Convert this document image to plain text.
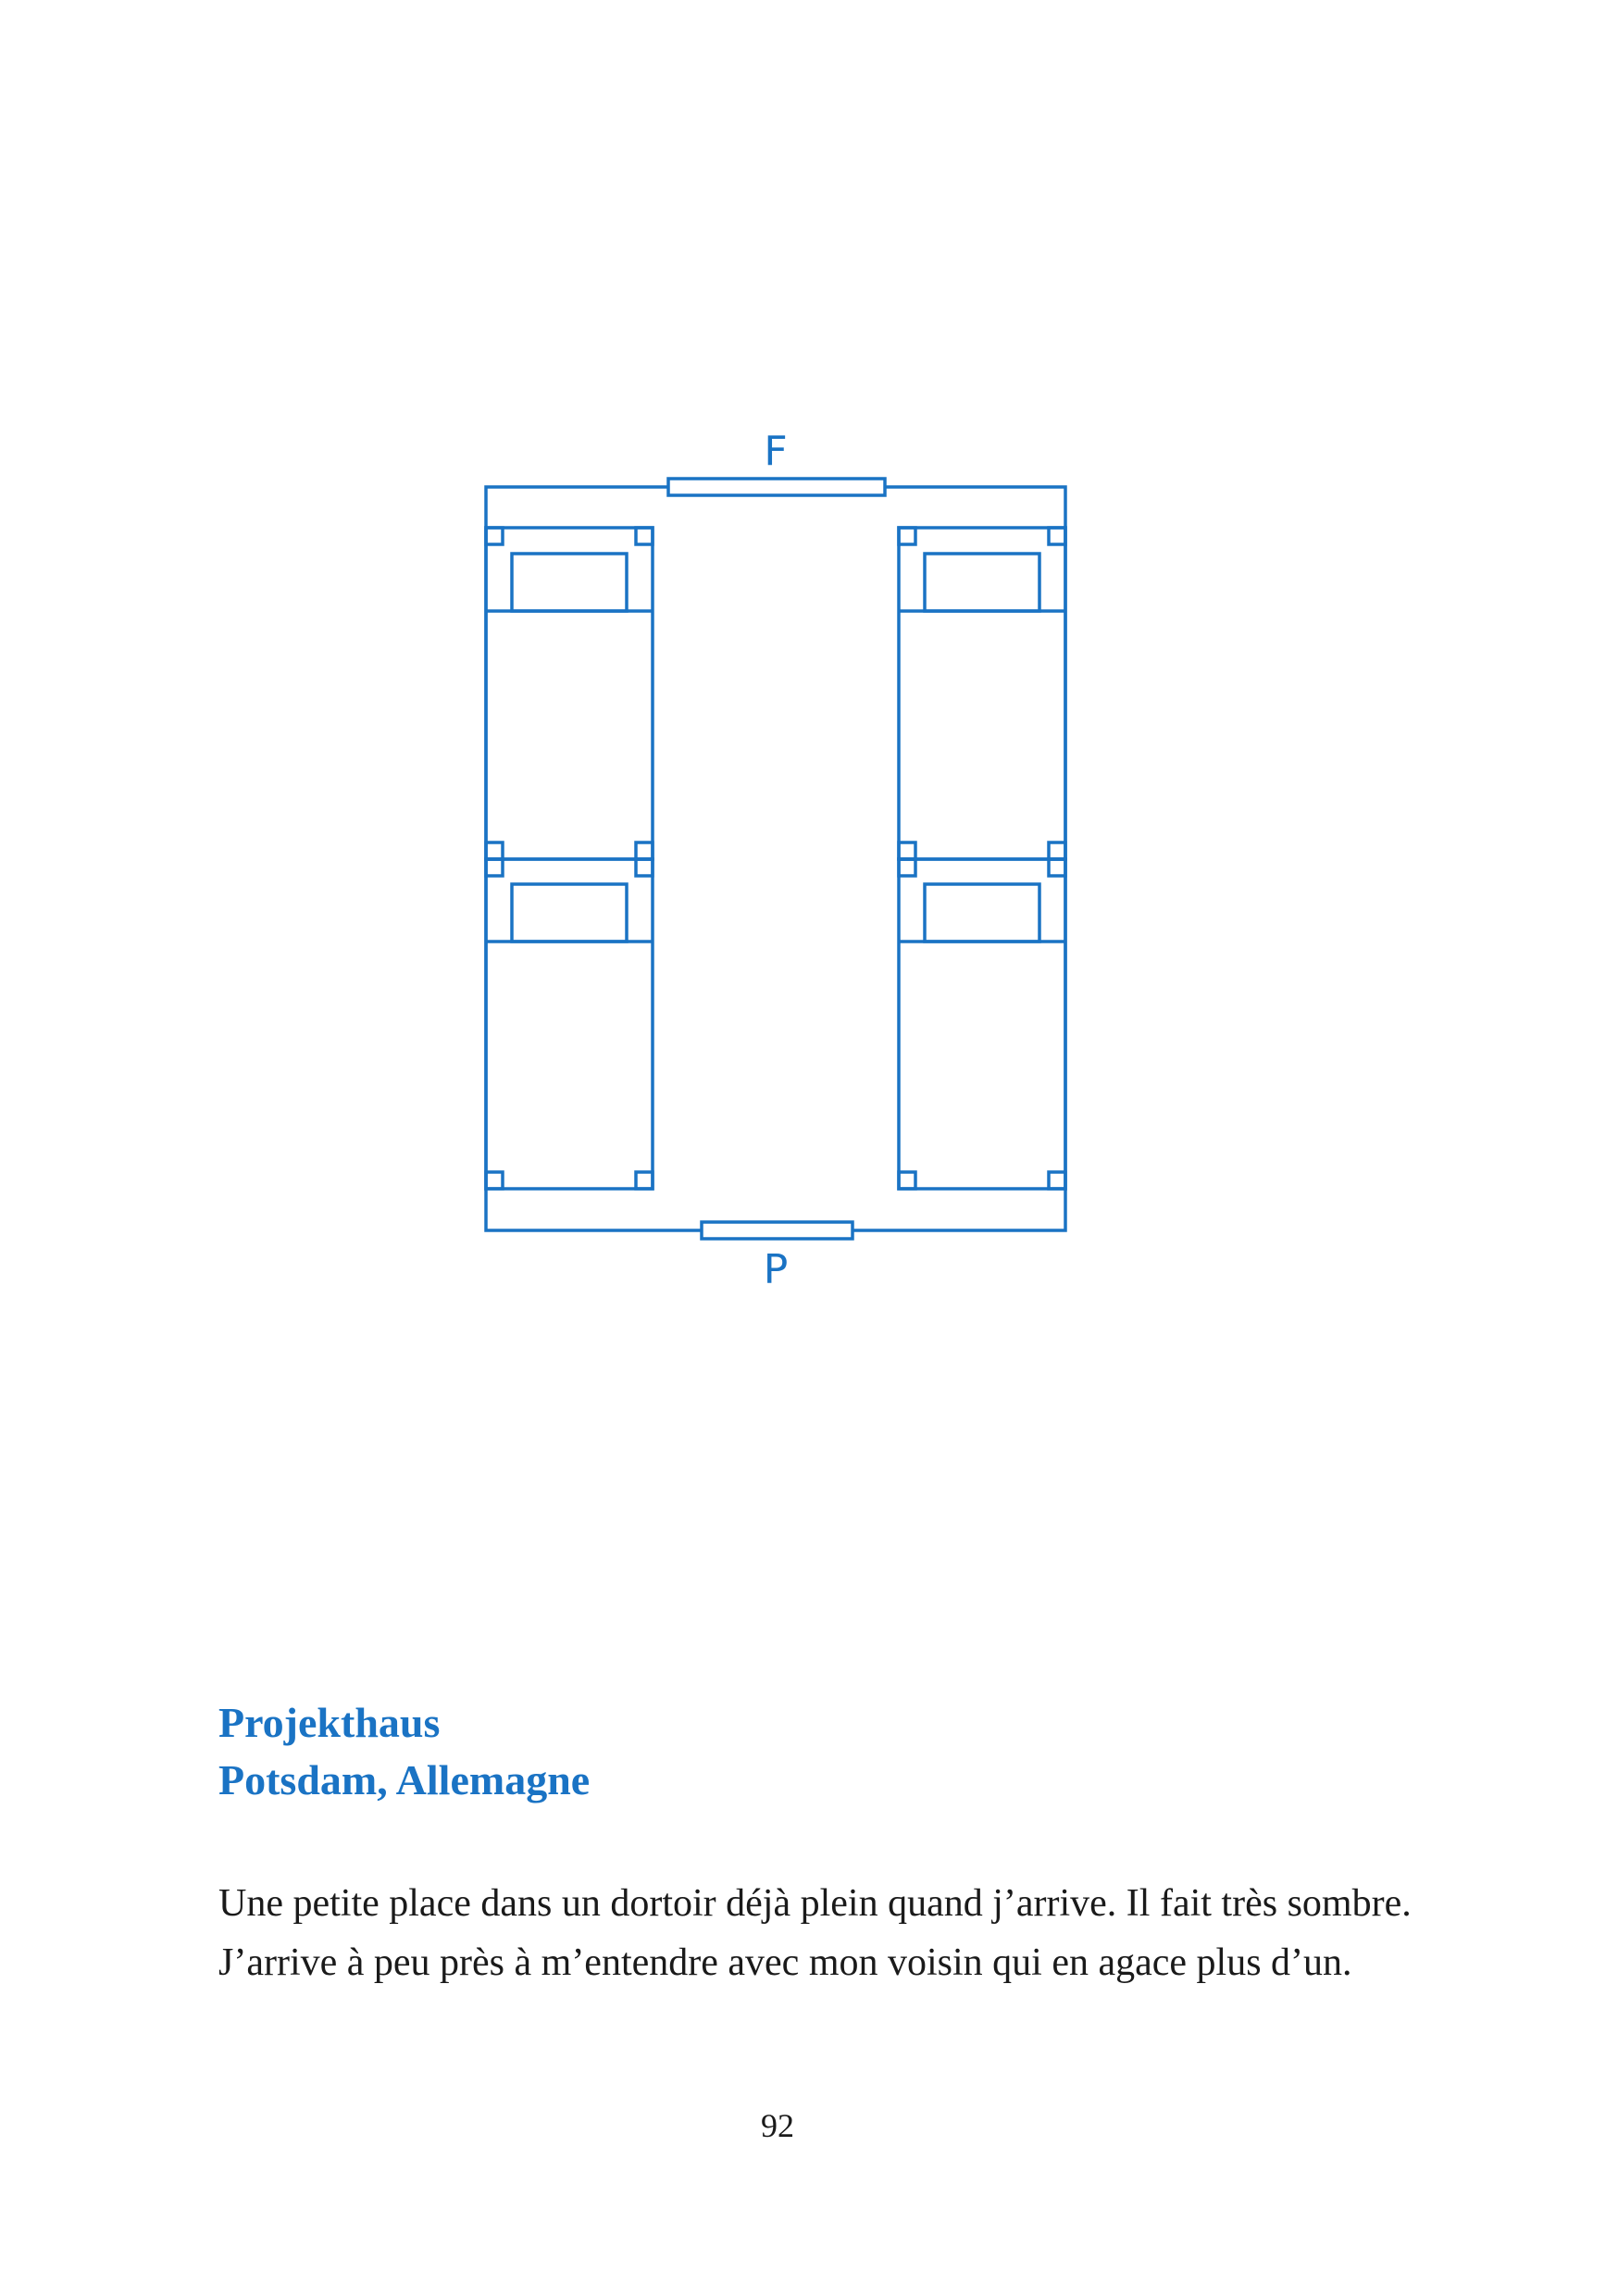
F
P
Projekthaus
Potsdam, Allemagne

Une petite place dans un dortoir déjà plein quand j’arrive. Il fait très sombre. J’arrive à peu près à m’entendre avec mon voisin qui en agace plus d’un.

92
